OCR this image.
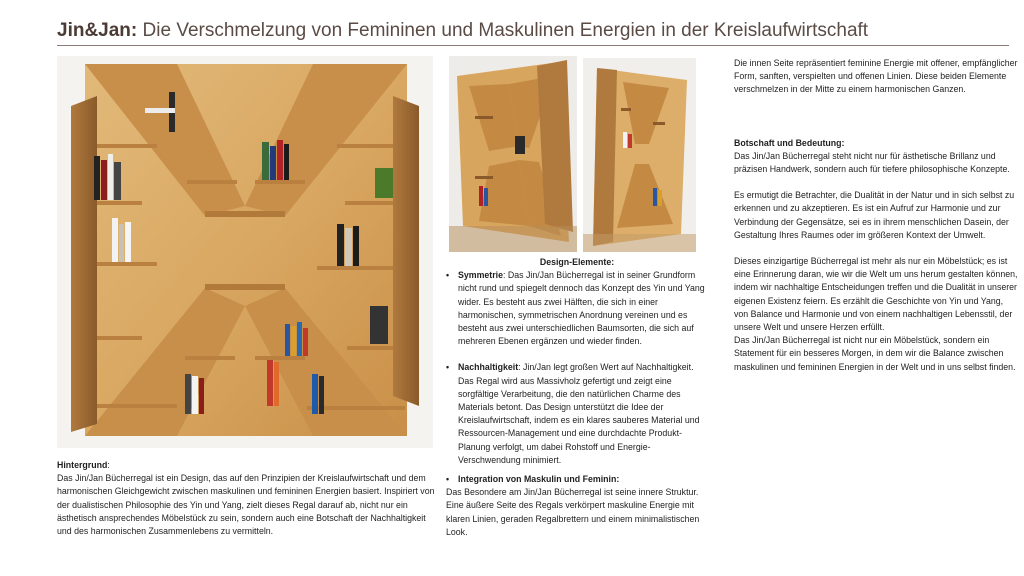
Jin&Jan: Die Verschmelzung von Femininen und Maskulinen Energien in der Kreislaufwirtschaft

Hintergrund:

Das Jin/Jan Bücherregal ist ein Design, das auf den Prinzipien der Kreislaufwirtschaft und dem harmonischen Gleichgewicht zwischen maskulinen und femininen Energien basiert. Inspiriert von der dualistischen Philosophie des Yin und Yang, zielt dieses Regal darauf ab, nicht nur ein ästhetisch ansprechendes Möbelstück zu sein, sondern auch eine Botschaft der Nachhaltigkeit und des harmonischen Zusammenlebens zu vermitteln.

Design-Elemente:

• Symmetrie: Das Jin/Jan Bücherregal ist in seiner Grundform nicht rund und spiegelt dennoch das Konzept des Yin und Yang wider. Es besteht aus zwei Hälften, die sich in einer harmonischen, symmetrischen Anordnung vereinen und es besteht aus zwei unterschiedlichen Baumsorten, die sich auf mehreren Ebenen ergänzen und wieder finden.
• Nachhaltigkeit: Jin/Jan legt großen Wert auf Nachhaltigkeit. Das Regal wird aus Massivholz gefertigt und zeigt eine sorgfältige Verarbeitung, die den natürlichen Charme des Materials betont. Das Design unterstützt die Idee der Kreislaufwirtschaft, indem es ein klares sauberes Material und Ressourcen-Management und eine durchdachte Produkt-Planung verfolgt, um dabei Rohstoff und Energie-Verschwendung minimiert.
• Integration von Maskulin und Feminin:

Das Besondere am Jin/Jan Bücherregal ist seine innere Struktur. Eine äußere Seite des Regals verkörpert maskuline Energie mit klaren Linien, geraden Regalbrettern und einem minimalistischen Look.

Die innen Seite repräsentiert feminine Energie mit offener, empfänglicher Form, sanften, verspielten und offenen Linien. Diese beiden Elemente verschmelzen in der Mitte zu einem harmonischen Ganzen.

Botschaft und Bedeutung:

Das Jin/Jan Bücherregal steht nicht nur für ästhetische Brillanz und präzisen Handwerk, sondern auch für tiefere philosophische Konzepte.

Es ermutigt die Betrachter, die Dualität in der Natur und in sich selbst zu erkennen und zu akzeptieren. Es ist ein Aufruf zur Harmonie und zur Verbindung der Gegensätze, sei es in ihrem menschlichen Dasein, der Gestaltung Ihres Raumes oder im größeren Kontext der Umwelt.

Dieses einzigartige Bücherregal ist mehr als nur ein Möbelstück; es ist eine Erinnerung daran, wie wir die Welt um uns herum gestalten können, indem wir nachhaltige Entscheidungen treffen und die Dualität in unserer eigenen Existenz feiern. Es erzählt die Geschichte von Yin und Yang, von Balance und Harmonie und von einem nachhaltigen Lebensstil, der unsere Welt und unsere Herzen erfüllt.

Das Jin/Jan Bücherregal ist nicht nur ein Möbelstück, sondern ein Statement für ein besseres Morgen, in dem wir die Balance zwischen maskulinen und femininen Energien in der Welt und in uns selbst finden.
